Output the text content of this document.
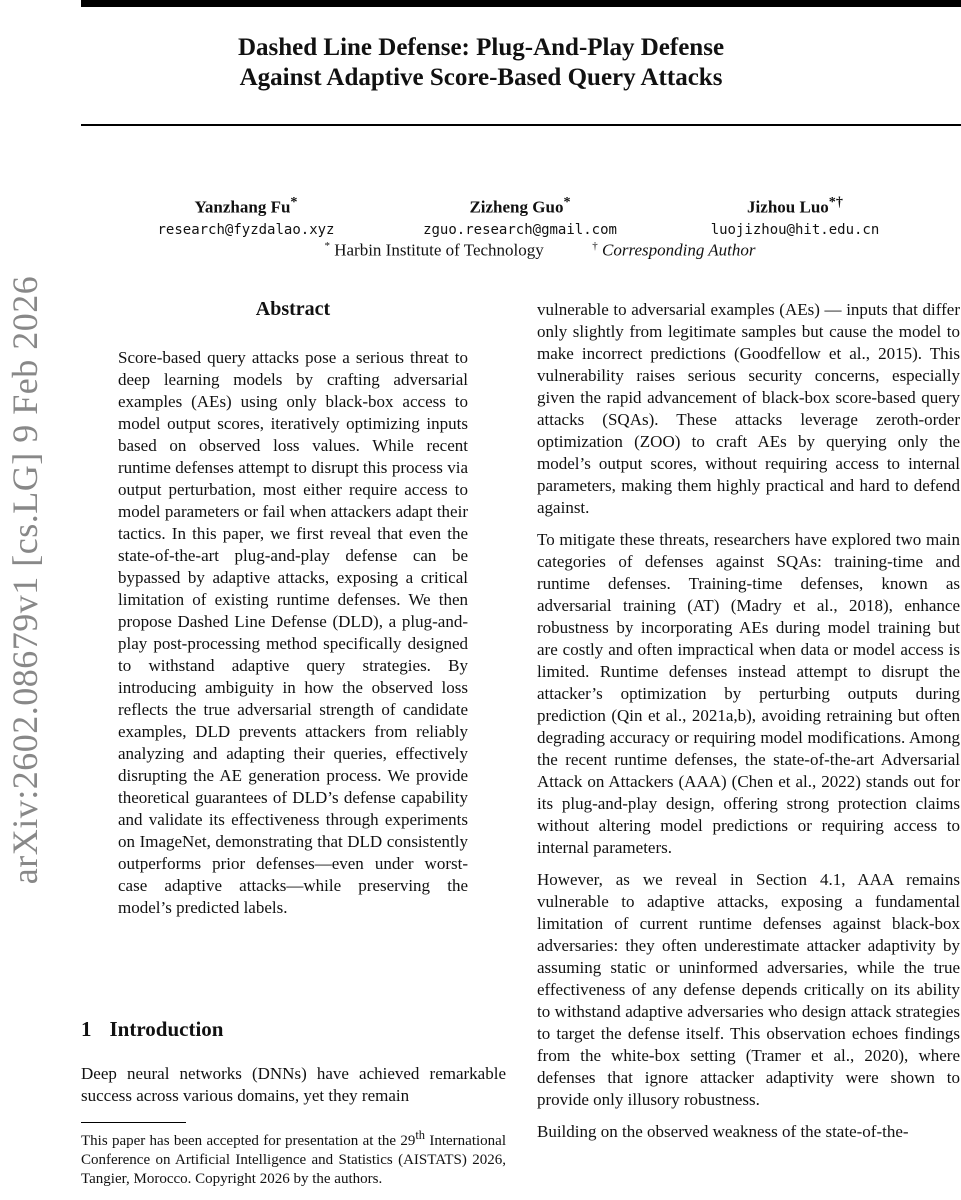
arXiv:2602.08679v1 [cs.LG] 9 Feb 2026
Dashed Line Defense: Plug-And-Play Defense
Against Adaptive Score-Based Query Attacks
Yanzhang Fu*
research@fyzdalao.xyz
Zizheng Guo*
zguo.research@gmail.com
Jizhou Luo*†
luojizhou@hit.edu.cn
* Harbin Institute of Technology	† Corresponding Author
Abstract

Score-based query attacks pose a serious threat to deep learning models by crafting adversarial examples (AEs) using only black-box access to model output scores, iteratively optimizing inputs based on observed loss values. While recent runtime defenses attempt to disrupt this process via output perturbation, most either require access to model parameters or fail when attackers adapt their tactics. In this paper, we first reveal that even the state-of-the-art plug-and-play defense can be bypassed by adaptive attacks, exposing a critical limitation of existing runtime defenses. We then propose Dashed Line Defense (DLD), a plug-and-play post-processing method specifically designed to withstand adaptive query strategies. By introducing ambiguity in how the observed loss reflects the true adversarial strength of candidate examples, DLD prevents attackers from reliably analyzing and adapting their queries, effectively disrupting the AE generation process. We provide theoretical guarantees of DLD’s defense capability and validate its effectiveness through experiments on ImageNet, demonstrating that DLD consistently outperforms prior defenses—even under worst-case adaptive attacks—while preserving the model’s predicted labels.

1 Introduction

Deep neural networks (DNNs) have achieved remarkable success across various domains, yet they remain

This paper has been accepted for presentation at the 29th International Conference on Artificial Intelligence and Statistics (AISTATS) 2026, Tangier, Morocco. Copyright 2026 by the authors.

vulnerable to adversarial examples (AEs) — inputs that differ only slightly from legitimate samples but cause the model to make incorrect predictions (Goodfellow et al., 2015). This vulnerability raises serious security concerns, especially given the rapid advancement of black-box score-based query attacks (SQAs). These attacks leverage zeroth-order optimization (ZOO) to craft AEs by querying only the model’s output scores, without requiring access to internal parameters, making them highly practical and hard to defend against.

To mitigate these threats, researchers have explored two main categories of defenses against SQAs: training-time and runtime defenses. Training-time defenses, known as adversarial training (AT) (Madry et al., 2018), enhance robustness by incorporating AEs during model training but are costly and often impractical when data or model access is limited. Runtime defenses instead attempt to disrupt the attacker’s optimization by perturbing outputs during prediction (Qin et al., 2021a,b), avoiding retraining but often degrading accuracy or requiring model modifications. Among the recent runtime defenses, the state-of-the-art Adversarial Attack on Attackers (AAA) (Chen et al., 2022) stands out for its plug-and-play design, offering strong protection claims without altering model predictions or requiring access to internal parameters.

However, as we reveal in Section 4.1, AAA remains vulnerable to adaptive attacks, exposing a fundamental limitation of current runtime defenses against black-box adversaries: they often underestimate attacker adaptivity by assuming static or uninformed adversaries, while the true effectiveness of any defense depends critically on its ability to withstand adaptive adversaries who design attack strategies to target the defense itself. This observation echoes findings from the white-box setting (Tramer et al., 2020), where defenses that ignore attacker adaptivity were shown to provide only illusory robustness.

Building on the observed weakness of the state-of-the-
